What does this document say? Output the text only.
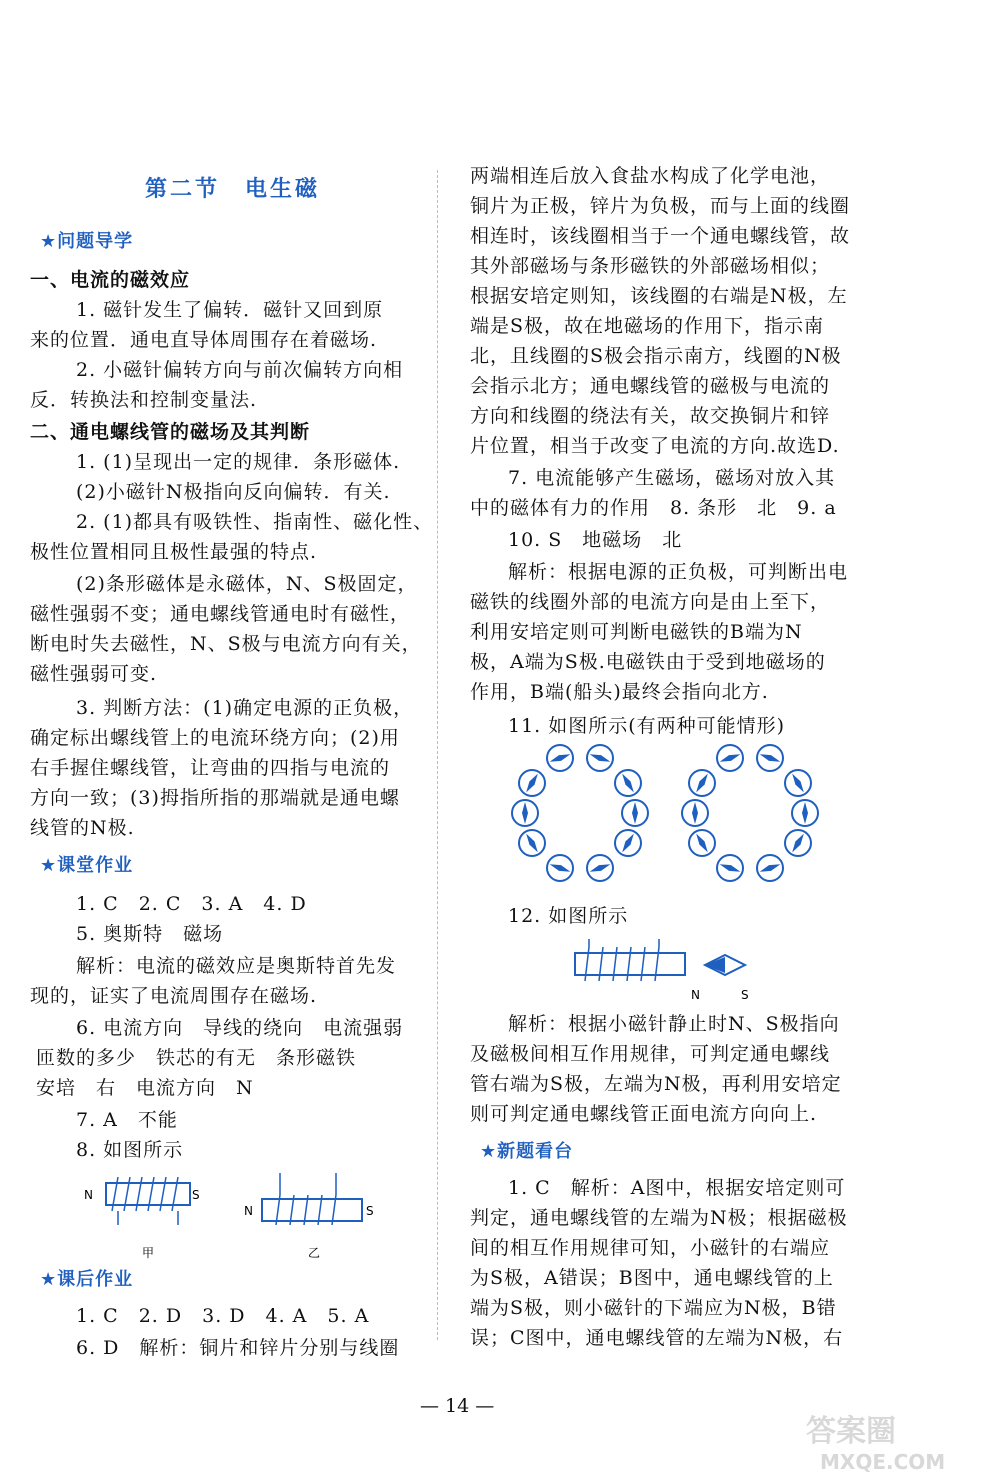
第二节　电生磁
★问题导学
一、电流的磁效应
1. 磁针发生了偏转．磁针又回到原
来的位置．通电直导体周围存在着磁场.
2. 小磁针偏转方向与前次偏转方向相
反．转换法和控制变量法.
二、通电螺线管的磁场及其判断
1. (1)呈现出一定的规律．条形磁体.
(2)小磁针N极指向反向偏转．有关.
2. (1)都具有吸铁性、指南性、磁化性、
极性位置相同且极性最强的特点.
(2)条形磁体是永磁体，N、S极固定，
磁性强弱不变；通电螺线管通电时有磁性，
断电时失去磁性，N、S极与电流方向有关，
磁性强弱可变.
3. 判断方法：(1)确定电源的正负极，
确定标出螺线管上的电流环绕方向；(2)用
右手握住螺线管，让弯曲的四指与电流的
方向一致；(3)拇指所指的那端就是通电螺
线管的N极.
★课堂作业
1. C　2. C　3. A　4. D
5. 奥斯特　磁场
解析：电流的磁效应是奥斯特首先发
现的，证实了电流周围存在磁场.
6. 电流方向　导线的绕向　电流强弱
匝数的多少　铁芯的有无　条形磁铁
安培　右　电流方向　N
7. A　不能
8. 如图所示
★课后作业
1. C　2. D　3. D　4. A　5. A
6. D　解析：铜片和锌片分别与线圈
两端相连后放入食盐水构成了化学电池，
铜片为正极，锌片为负极，而与上面的线圈
相连时，该线圈相当于一个通电螺线管，故
其外部磁场与条形磁铁的外部磁场相似；
根据安培定则知，该线圈的右端是N极，左
端是S极，故在地磁场的作用下，指示南
北，且线圈的S极会指示南方，线圈的N极
会指示北方；通电螺线管的磁极与电流的
方向和线圈的绕法有关，故交换铜片和锌
片位置，相当于改变了电流的方向.故选D.
7. 电流能够产生磁场，磁场对放入其
中的磁体有力的作用　8. 条形　北　9. a
10. S　地磁场　北
解析：根据电源的正负极，可判断出电
磁铁的线圈外部的电流方向是由上至下，
利用安培定则可判断电磁铁的B端为N
极，A端为S极.电磁铁由于受到地磁场的
作用，B端(船头)最终会指向北方.
11. 如图所示(有两种可能情形)
12. 如图所示
解析：根据小磁针静止时N、S极指向
及磁极间相互作用规律，可判定通电螺线
管右端为S极，左端为N极，再利用安培定
则可判定通电螺线管正面电流方向向上.
★新题看台
1. C　解析：A图中，根据安培定则可
判定，通电螺线管的左端为N极；根据磁极
间的相互作用规律可知，小磁针的右端应
为S极，A错误；B图中，通电螺线管的上
端为S极，则小磁针的下端应为N极，B错
误；C图中，通电螺线管的左端为N极，右
N	S
甲
N	S
乙
N	S
— 14 —
答案圈
MXQE.COM
